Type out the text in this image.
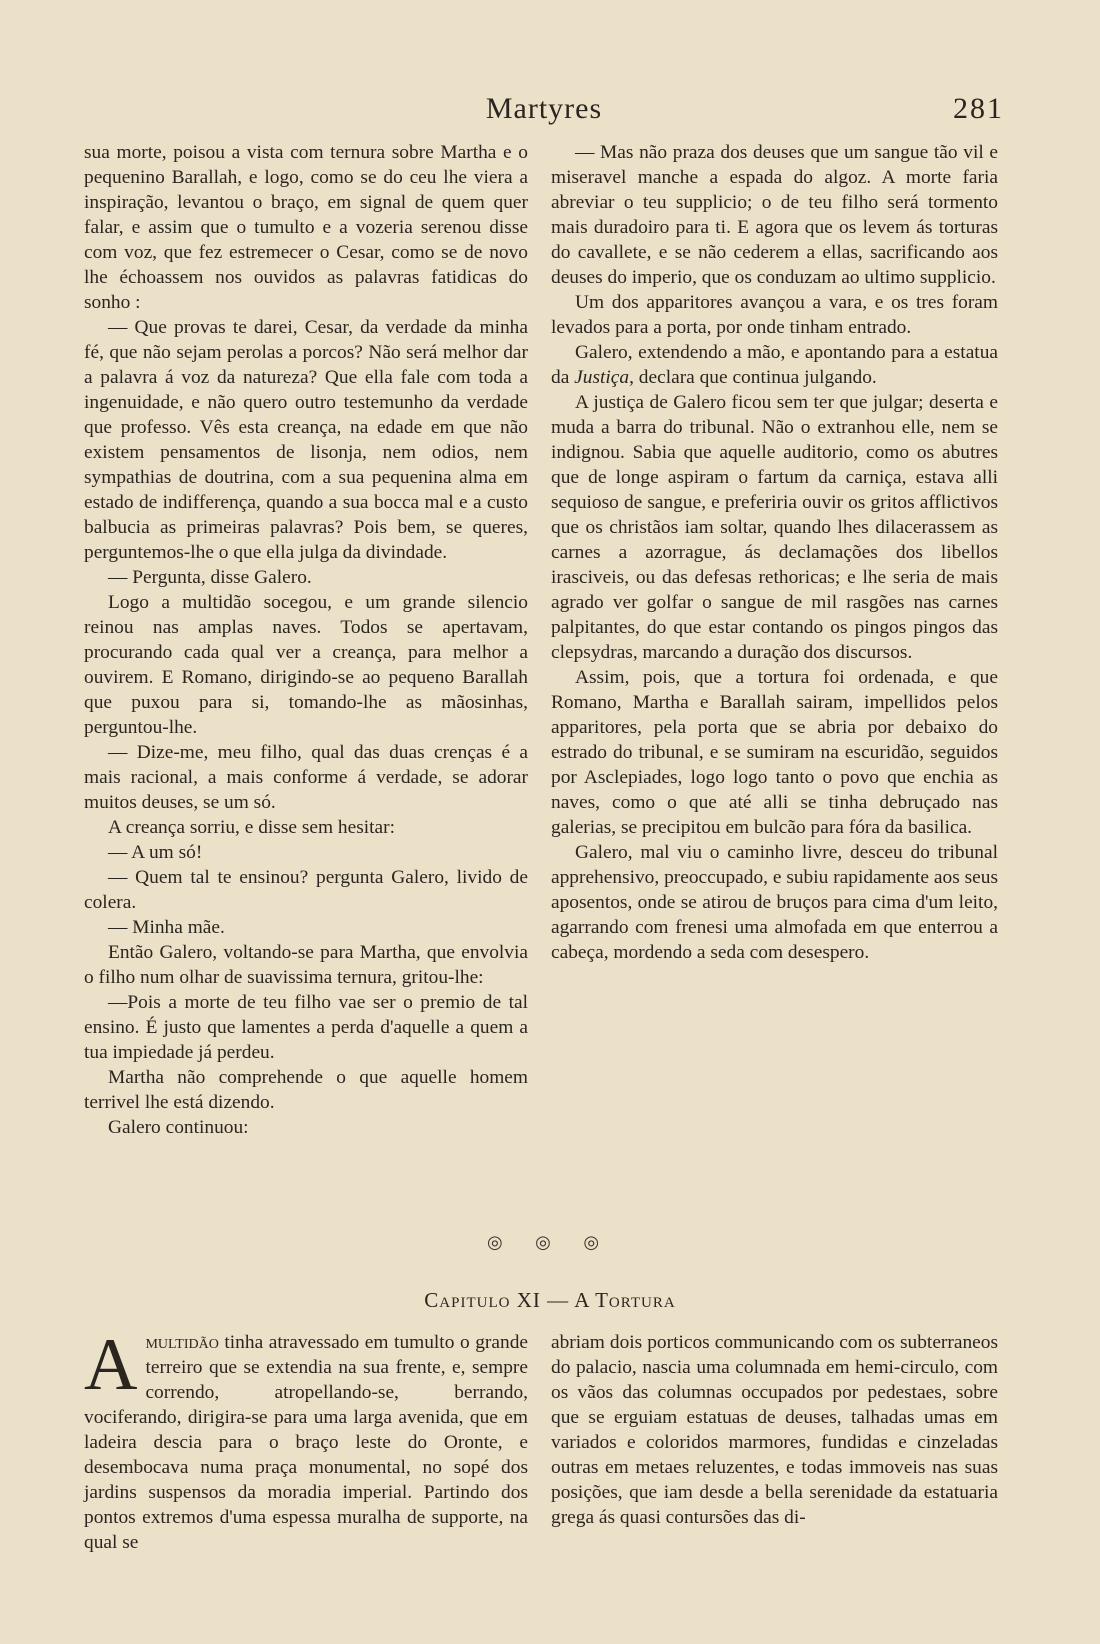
Martyres	281

sua morte, poisou a vista com ternura sobre Martha e o pequenino Barallah, e logo, como se do ceu lhe viera a inspiração, levantou o braço, em signal de quem quer falar, e assim que o tumulto e a vozeria serenou disse com voz, que fez estremecer o Cesar, como se de novo lhe échoassem nos ouvidos as palavras fatidicas do sonho :

— Que provas te darei, Cesar, da verdade da minha fé, que não sejam perolas a porcos? Não será melhor dar a palavra á voz da natureza? Que ella fale com toda a ingenuidade, e não quero outro testemunho da verdade que professo. Vês esta creança, na edade em que não existem pensamentos de lisonja, nem odios, nem sympathias de doutrina, com a sua pequenina alma em estado de indifferença, quando a sua bocca mal e a custo balbucia as primeiras palavras? Pois bem, se queres, perguntemos-lhe o que ella julga da divindade.

— Pergunta, disse Galero.

Logo a multidão socegou, e um grande silencio reinou nas amplas naves. Todos se apertavam, procurando cada qual ver a creança, para melhor a ouvirem. E Romano, dirigindo-se ao pequeno Barallah que puxou para si, tomando-lhe as mãosinhas, perguntou-lhe.

— Dize-me, meu filho, qual das duas crenças é a mais racional, a mais conforme á verdade, se adorar muitos deuses, se um só.

A creança sorriu, e disse sem hesitar:

— A um só!

— Quem tal te ensinou? pergunta Galero, livido de colera.

— Minha mãe.

Então Galero, voltando-se para Martha, que envolvia o filho num olhar de suavissima ternura, gritou-lhe:

—Pois a morte de teu filho vae ser o premio de tal ensino. É justo que lamentes a perda d'aquelle a quem a tua impiedade já perdeu.

Martha não comprehende o que aquelle homem terrivel lhe está dizendo.

Galero continuou:

— Mas não praza dos deuses que um sangue tão vil e miseravel manche a espada do algoz. A morte faria abreviar o teu supplicio; o de teu filho será tormento mais duradoiro para ti. E agora que os levem ás torturas do cavallete, e se não cederem a ellas, sacrificando aos deuses do imperio, que os conduzam ao ultimo supplicio.

Um dos apparitores avançou a vara, e os tres foram levados para a porta, por onde tinham entrado.

Galero, extendendo a mão, e apontando para a estatua da Justiça, declara que continua julgando.

A justiça de Galero ficou sem ter que julgar; deserta e muda a barra do tribunal. Não o extranhou elle, nem se indignou. Sabia que aquelle auditorio, como os abutres que de longe aspiram o fartum da carniça, estava alli sequioso de sangue, e preferiria ouvir os gritos afflictivos que os christãos iam soltar, quando lhes dilacerassem as carnes a azorrague, ás declamações dos libellos irasciveis, ou das defesas rethoricas; e lhe seria de mais agrado ver golfar o sangue de mil rasgões nas carnes palpitantes, do que estar contando os pingos pingos das clepsydras, marcando a duração dos discursos.

Assim, pois, que a tortura foi ordenada, e que Romano, Martha e Barallah sairam, impellidos pelos apparitores, pela porta que se abria por debaixo do estrado do tribunal, e se sumiram na escuridão, seguidos por Asclepiades, logo logo tanto o povo que enchia as naves, como o que até alli se tinha debruçado nas galerias, se precipitou em bulcão para fóra da basilica.

Galero, mal viu o caminho livre, desceu do tribunal apprehensivo, preoccupado, e subiu rapidamente aos seus aposentos, onde se atirou de bruços para cima d'um leito, agarrando com frenesi uma almofada em que enterrou a cabeça, mordendo a seda com desespero.

◎ ◎ ◎
Capitulo XI — A Tortura

Amultidão tinha atravessado em tumulto o grande terreiro que se extendia na sua frente, e, sempre correndo, atropellando-se, berrando, vociferando, dirigira-se para uma larga avenida, que em ladeira descia para o braço leste do Oronte, e desembocava numa praça monumental, no sopé dos jardins suspensos da moradia imperial. Partindo dos pontos extremos d'uma espessa muralha de supporte, na qual se

abriam dois porticos communicando com os subterraneos do palacio, nascia uma columnada em hemi-circulo, com os vãos das columnas occupados por pedestaes, sobre que se erguiam estatuas de deuses, talhadas umas em variados e coloridos marmores, fundidas e cinzeladas outras em metaes reluzentes, e todas immoveis nas suas posições, que iam desde a bella serenidade da estatuaria grega ás quasi contursões das di-
